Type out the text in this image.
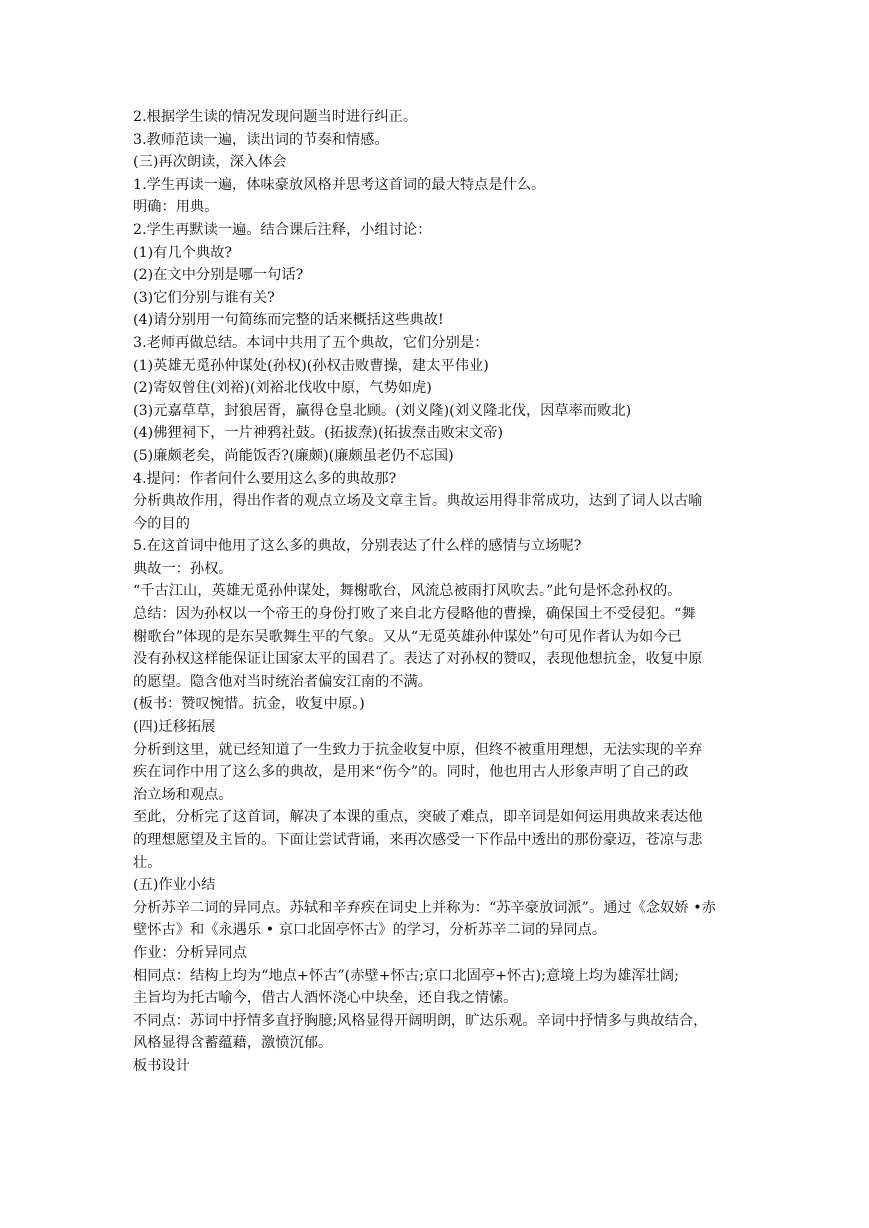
2.根据学生读的情况发现问题当时进行纠正。
3.教师范读一遍，读出词的节奏和情感。
(三)再次朗读，深入体会
1.学生再读一遍，体味豪放风格并思考这首词的最大特点是什么。
明确：用典。
2.学生再默读一遍。结合课后注释，小组讨论：
(1)有几个典故?
(2)在文中分别是哪一句话?
(3)它们分别与谁有关?
(4)请分别用一句简练而完整的话来概括这些典故!
3.老师再做总结。本词中共用了五个典故，它们分别是：
(1)英雄无觅孙仲谋处(孙权)(孙权击败曹操，建太平伟业)
(2)寄奴曾住(刘裕)(刘裕北伐收中原，气势如虎)
(3)元嘉草草，封狼居胥，赢得仓皇北顾。(刘义隆)(刘义隆北伐，因草率而败北)
(4)佛狸祠下，一片神鸦社鼓。(拓拔焘)(拓拔焘击败宋文帝)
(5)廉颇老矣，尚能饭否?(廉颇)(廉颇虽老仍不忘国)
4.提问：作者问什么要用这么多的典故那?
分析典故作用，得出作者的观点立场及文章主旨。典故运用得非常成功，达到了词人以古喻
今的目的
5.在这首词中他用了这么多的典故，分别表达了什么样的感情与立场呢?
典故一：孙权。
“千古江山，英雄无觅孙仲谋处，舞榭歌台，风流总被雨打风吹去。”此句是怀念孙权的。
总结：因为孙权以一个帝王的身份打败了来自北方侵略他的曹操，确保国土不受侵犯。“舞
榭歌台”体现的是东吴歌舞生平的气象。又从“无觅英雄孙仲谋处”句可见作者认为如今已
没有孙权这样能保证让国家太平的国君了。表达了对孙权的赞叹，表现他想抗金，收复中原
的愿望。隐含他对当时统治者偏安江南的不满。
(板书：赞叹惋惜。抗金，收复中原。)
(四)迁移拓展
分析到这里，就已经知道了一生致力于抗金收复中原，但终不被重用理想，无法实现的辛弃
疾在词作中用了这么多的典故，是用来“伤今”的。同时，他也用古人形象声明了自己的政
治立场和观点。
至此，分析完了这首词，解决了本课的重点，突破了难点，即辛词是如何运用典故来表达他
的理想愿望及主旨的。下面让尝试背诵，来再次感受一下作品中透出的那份豪迈，苍凉与悲
壮。
(五)作业小结
分析苏辛二词的异同点。苏轼和辛弃疾在词史上并称为：“苏辛豪放词派”。通过《念奴娇 •赤
壁怀古》和《永遇乐 • 京口北固亭怀古》的学习，分析苏辛二词的异同点。
作业：分析异同点
相同点：结构上均为“地点+怀古”(赤壁+怀古;京口北固亭+怀古);意境上均为雄浑壮阔;
主旨均为托古喻今，借古人酒怀浇心中块垒，还自我之情愫。
不同点：苏词中抒情多直抒胸臆;风格显得开阔明朗，旷达乐观。辛词中抒情多与典故结合，
风格显得含蓄蕴藉，激愤沉郁。
板书设计
